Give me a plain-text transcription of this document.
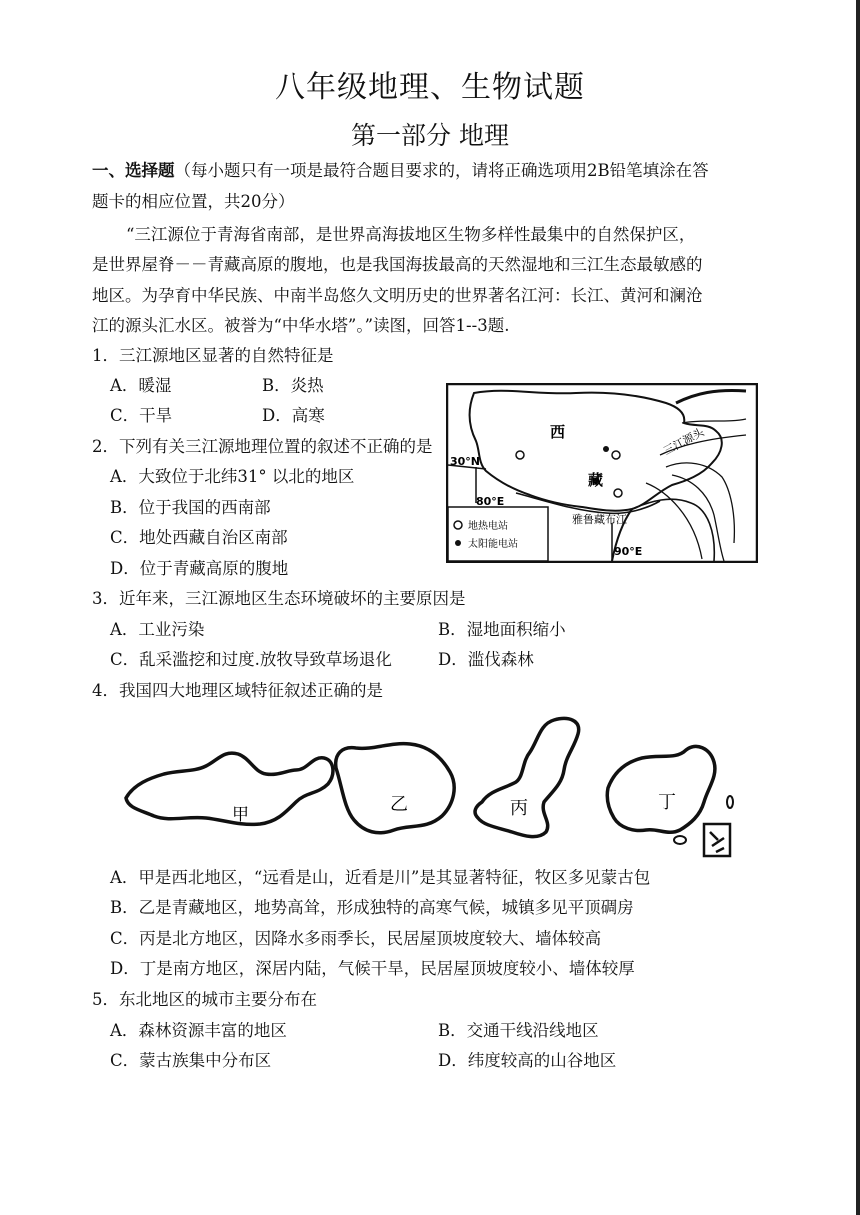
八年级地理、生物试题
第一部分 地理
一、选择题（每小题只有一项是最符合题目要求的，请将正确选项用2B铅笔填涂在答
题卡的相应位置，共20分）
“三江源位于青海省南部，是世界高海拔地区生物多样性最集中的自然保护区，
是世界屋脊－－青藏高原的腹地，也是我国海拔最高的天然湿地和三江生态最敏感的
地区。为孕育中华民族、中南半岛悠久文明历史的世界著名江河：长江、黄河和澜沧
江的源头汇水区。被誉为“中华水塔”。”读图，回答1--3题.
1．三江源地区显著的自然特征是
A．暖湿	B．炎热
C．干旱	D．高寒
2．下列有关三江源地理位置的叙述不正确的是
A．大致位于北纬31° 以北的地区
B．位于我国的西南部
C．地处西藏自治区南部
D．位于青藏高原的腹地
西
藏
三江源头
雅鲁藏布江
30°N
80°E
90°E
地热电站
太阳能电站
3．近年来，三江源地区生态环境破坏的主要原因是
A．工业污染	B．湿地面积缩小
C．乱采滥挖和过度.放牧导致草场退化	D．滥伐森林
4．我国四大地理区域特征叙述正确的是
甲	乙	丙	丁
A．甲是西北地区，“远看是山，近看是川”是其显著特征，牧区多见蒙古包
B．乙是青藏地区，地势高耸，形成独特的高寒气候，城镇多见平顶碉房
C．丙是北方地区，因降水多雨季长，民居屋顶坡度较大、墙体较高
D．丁是南方地区，深居内陆，气候干旱，民居屋顶坡度较小、墙体较厚
5．东北地区的城市主要分布在
A．森林资源丰富的地区	B．交通干线沿线地区
C．蒙古族集中分布区	D．纬度较高的山谷地区
